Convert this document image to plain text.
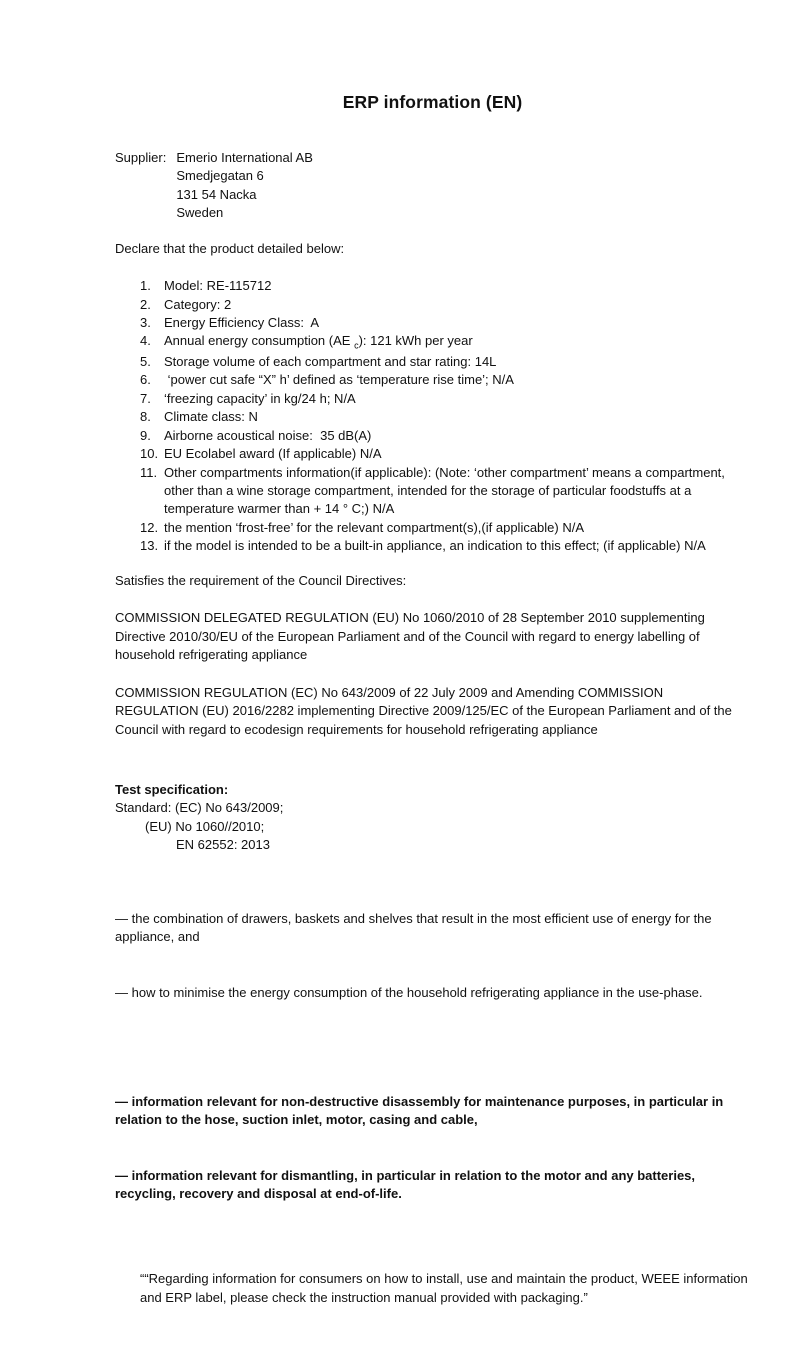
ERP information (EN)
Supplier: Emerio International AB
Smedjegatan 6
131 54 Nacka
Sweden

Declare that the product detailed below:

1.	Model: RE-115712
2.	Category: 2
3.	Energy Efficiency Class:  A
4.	Annual energy consumption (AE $_c$): 121 kWh per year
5.	Storage volume of each compartment and star rating: 14L
6.	‘power cut safe “X” h’ defined as ‘temperature rise time’; N/A
7.	‘freezing capacity’ in kg/24 h; N/A
8.	Climate class: N
9.	Airborne acoustical noise:  35 dB(A)
10. EU Ecolabel award (If applicable) N/A
11. Other compartments information(if applicable): (Note: ‘other compartment’ means a compartment, other than a wine storage compartment, intended for the storage of particular foodstuffs at a temperature warmer than + 14 ° C;) N/A
12. the mention ‘frost-free’ for the relevant compartment(s),(if applicable) N/A
13. if the model is intended to be a built-in appliance, an indication to this effect; (if applicable) N/A

Satisfies the requirement of the Council Directives:

COMMISSION DELEGATED REGULATION (EU) No 1060/2010 of 28 September 2010 supplementing Directive 2010/30/EU of the European Parliament and of the Council with regard to energy labelling of household refrigerating appliance

COMMISSION REGULATION (EC) No 643/2009 of 22 July 2009 and Amending COMMISSION REGULATION (EU) 2016/2282 implementing Directive 2009/125/EC of the European Parliament and of the Council with regard to ecodesign requirements for household refrigerating appliance

Test specification:
Standard: (EC) No 643/2009;
(EU) No 1060//2010;
EN 62552: 2013

— the combination of drawers, baskets and shelves that result in the most efficient use of energy for the appliance, and

— how to minimise the energy consumption of the household refrigerating appliance in the use-phase.

— information relevant for non-destructive disassembly for maintenance purposes, in particular in relation to the hose, suction inlet, motor, casing and cable,

— information relevant for dismantling, in particular in relation to the motor and any batteries, recycling, recovery and disposal at end-of-life.

““Regarding information for consumers on how to install, use and maintain the product, WEEE information and ERP label, please check the instruction manual provided with packaging.”
